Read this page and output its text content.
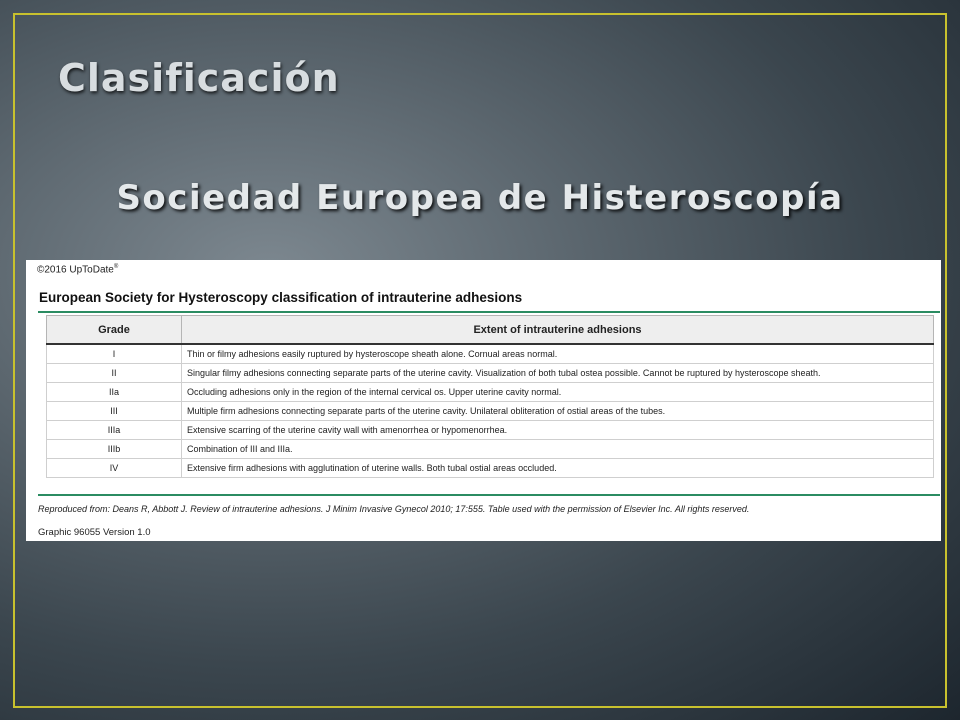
Clasificación
Sociedad Europea de Histeroscopía
©2016 UpToDate®
European Society for Hysteroscopy classification of intrauterine adhesions
Grade	Extent of intrauterine adhesions
I	Thin or filmy adhesions easily ruptured by hysteroscope sheath alone. Cornual areas normal.
II	Singular filmy adhesions connecting separate parts of the uterine cavity. Visualization of both tubal ostea possible. Cannot be ruptured by hysteroscope sheath.
IIa	Occluding adhesions only in the region of the internal cervical os. Upper uterine cavity normal.
III	Multiple firm adhesions connecting separate parts of the uterine cavity. Unilateral obliteration of ostial areas of the tubes.
IIIa	Extensive scarring of the uterine cavity wall with amenorrhea or hypomenorrhea.
IIIb	Combination of III and IIIa.
IV	Extensive firm adhesions with agglutination of uterine walls. Both tubal ostial areas occluded.
Reproduced from: Deans R, Abbott J. Review of intrauterine adhesions. J Minim Invasive Gynecol 2010; 17:555. Table used with the permission of Elsevier Inc. All rights reserved.
Graphic 96055 Version 1.0
